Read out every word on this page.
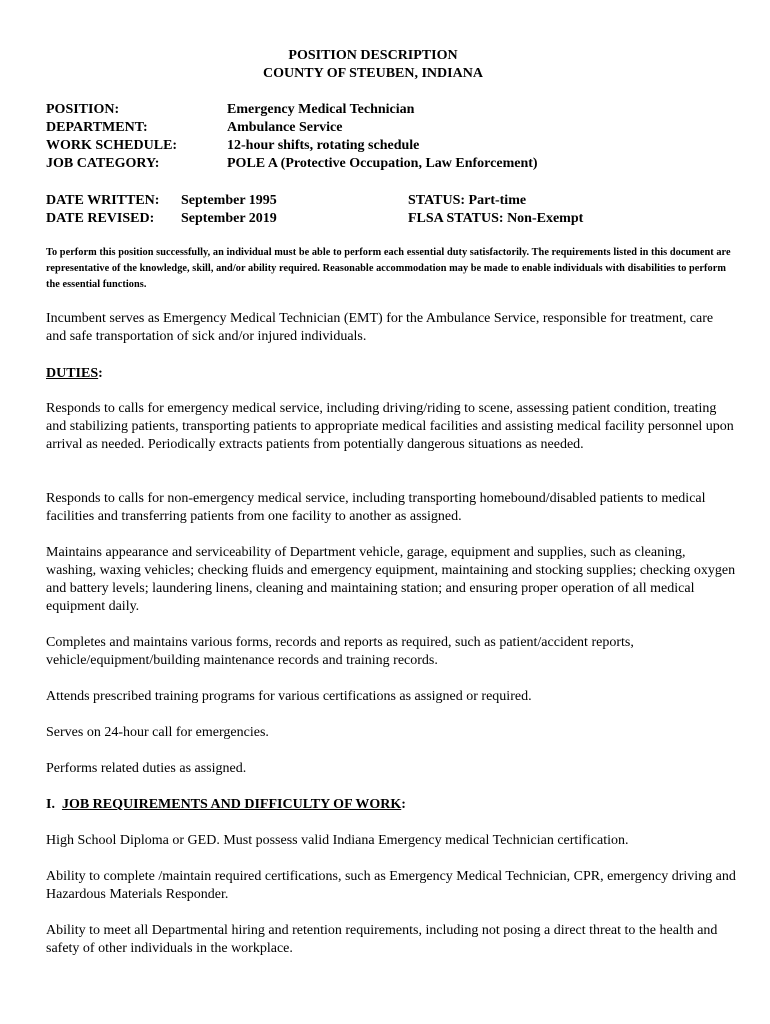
POSITION DESCRIPTION
COUNTY OF STEUBEN, INDIANA
POSITION:	Emergency Medical Technician
DEPARTMENT:	Ambulance Service
WORK SCHEDULE:	12-hour shifts, rotating schedule
JOB CATEGORY:	POLE A (Protective Occupation, Law Enforcement)
DATE WRITTEN: September 1995	STATUS: Part-time
DATE REVISED: September 2019	FLSA STATUS: Non-Exempt
To perform this position successfully, an individual must be able to perform each essential duty satisfactorily. The requirements listed in this document are representative of the knowledge, skill, and/or ability required. Reasonable accommodation may be made to enable individuals with disabilities to perform the essential functions.
Incumbent serves as Emergency Medical Technician (EMT) for the Ambulance Service, responsible for treatment, care and safe transportation of sick and/or injured individuals.
DUTIES:
Responds to calls for emergency medical service, including driving/riding to scene, assessing patient condition, treating and stabilizing patients, transporting patients to appropriate medical facilities and assisting medical facility personnel upon arrival as needed. Periodically extracts patients from potentially dangerous situations as needed.
Responds to calls for non-emergency medical service, including transporting homebound/disabled patients to medical facilities and transferring patients from one facility to another as assigned.
Maintains appearance and serviceability of Department vehicle, garage, equipment and supplies, such as cleaning, washing, waxing vehicles; checking fluids and emergency equipment, maintaining and stocking supplies; checking oxygen and battery levels; laundering linens, cleaning and maintaining station; and ensuring proper operation of all medical equipment daily.
Completes and maintains various forms, records and reports as required, such as patient/accident reports, vehicle/equipment/building maintenance records and training records.
Attends prescribed training programs for various certifications as assigned or required.
Serves on 24-hour call for emergencies.
Performs related duties as assigned.
I. JOB REQUIREMENTS AND DIFFICULTY OF WORK:
High School Diploma or GED. Must possess valid Indiana Emergency medical Technician certification.
Ability to complete /maintain required certifications, such as Emergency Medical Technician, CPR, emergency driving and Hazardous Materials Responder.
Ability to meet all Departmental hiring and retention requirements, including not posing a direct threat to the health and safety of other individuals in the workplace.
